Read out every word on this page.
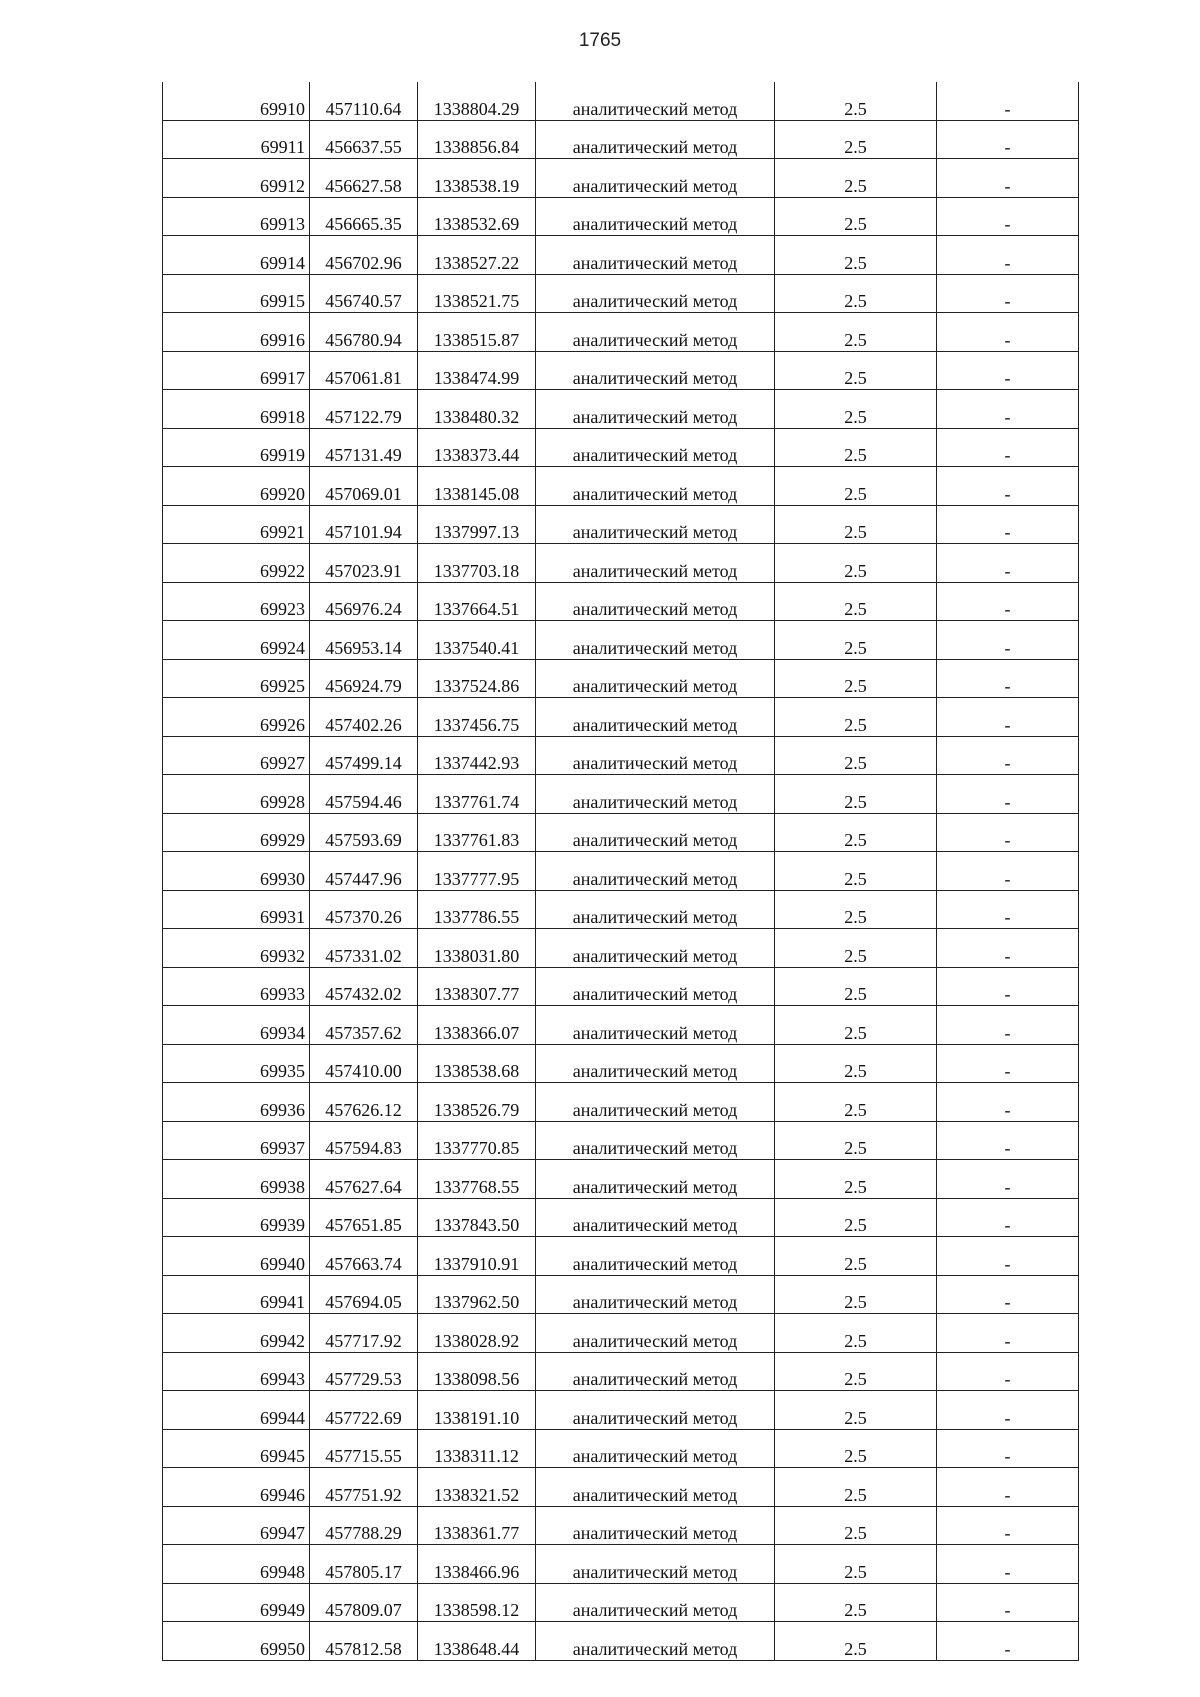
1765
69910	457110.64	1338804.29	аналитический метод	2.5	-
69911	456637.55	1338856.84	аналитический метод	2.5	-
69912	456627.58	1338538.19	аналитический метод	2.5	-
69913	456665.35	1338532.69	аналитический метод	2.5	-
69914	456702.96	1338527.22	аналитический метод	2.5	-
69915	456740.57	1338521.75	аналитический метод	2.5	-
69916	456780.94	1338515.87	аналитический метод	2.5	-
69917	457061.81	1338474.99	аналитический метод	2.5	-
69918	457122.79	1338480.32	аналитический метод	2.5	-
69919	457131.49	1338373.44	аналитический метод	2.5	-
69920	457069.01	1338145.08	аналитический метод	2.5	-
69921	457101.94	1337997.13	аналитический метод	2.5	-
69922	457023.91	1337703.18	аналитический метод	2.5	-
69923	456976.24	1337664.51	аналитический метод	2.5	-
69924	456953.14	1337540.41	аналитический метод	2.5	-
69925	456924.79	1337524.86	аналитический метод	2.5	-
69926	457402.26	1337456.75	аналитический метод	2.5	-
69927	457499.14	1337442.93	аналитический метод	2.5	-
69928	457594.46	1337761.74	аналитический метод	2.5	-
69929	457593.69	1337761.83	аналитический метод	2.5	-
69930	457447.96	1337777.95	аналитический метод	2.5	-
69931	457370.26	1337786.55	аналитический метод	2.5	-
69932	457331.02	1338031.80	аналитический метод	2.5	-
69933	457432.02	1338307.77	аналитический метод	2.5	-
69934	457357.62	1338366.07	аналитический метод	2.5	-
69935	457410.00	1338538.68	аналитический метод	2.5	-
69936	457626.12	1338526.79	аналитический метод	2.5	-
69937	457594.83	1337770.85	аналитический метод	2.5	-
69938	457627.64	1337768.55	аналитический метод	2.5	-
69939	457651.85	1337843.50	аналитический метод	2.5	-
69940	457663.74	1337910.91	аналитический метод	2.5	-
69941	457694.05	1337962.50	аналитический метод	2.5	-
69942	457717.92	1338028.92	аналитический метод	2.5	-
69943	457729.53	1338098.56	аналитический метод	2.5	-
69944	457722.69	1338191.10	аналитический метод	2.5	-
69945	457715.55	1338311.12	аналитический метод	2.5	-
69946	457751.92	1338321.52	аналитический метод	2.5	-
69947	457788.29	1338361.77	аналитический метод	2.5	-
69948	457805.17	1338466.96	аналитический метод	2.5	-
69949	457809.07	1338598.12	аналитический метод	2.5	-
69950	457812.58	1338648.44	аналитический метод	2.5	-
